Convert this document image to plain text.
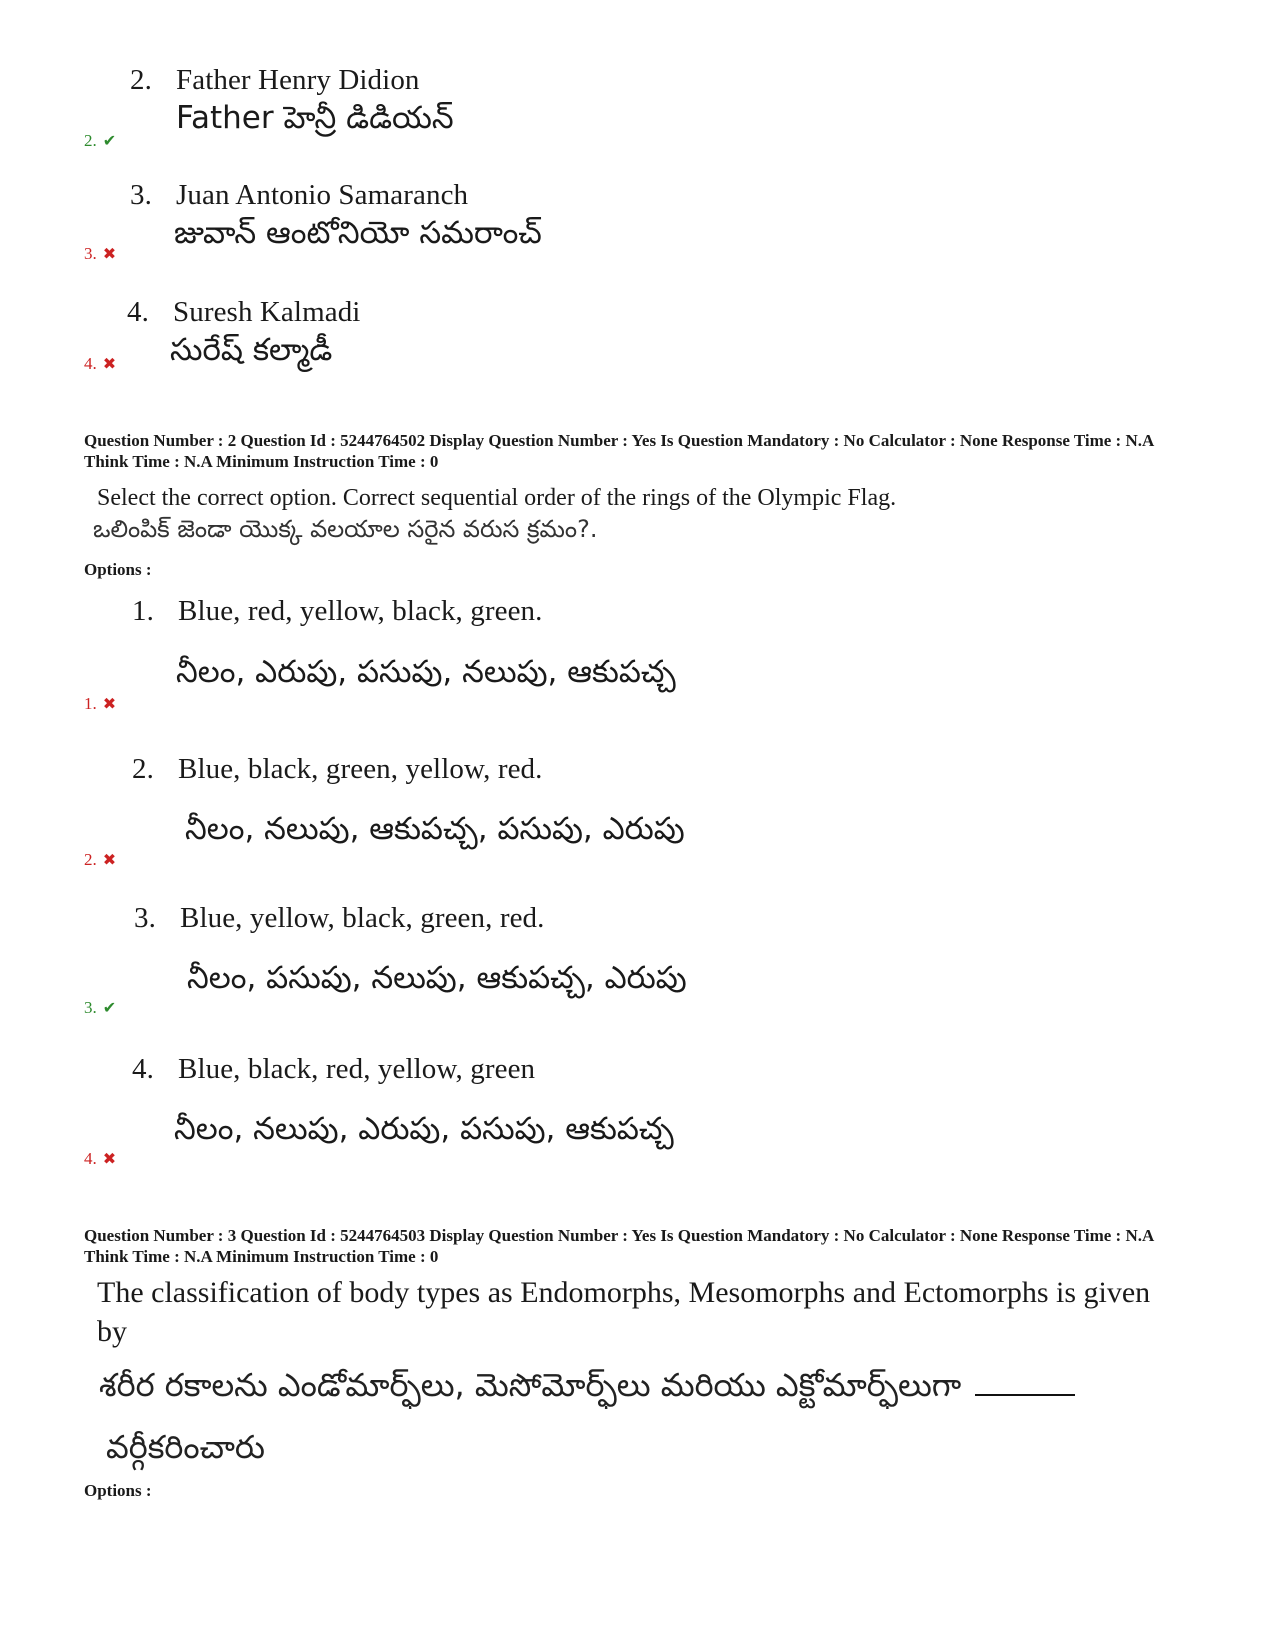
2. Father Henry Didion
Father హెన్రీ డిడియన్
2. ✔
3. Juan Antonio Samaranch
జువాన్ ఆంటోనియో సమరాంచ్
3. ✖
4. Suresh Kalmadi
సురేష్ కల్మాడీ
4. ✖
Question Number : 2 Question Id : 5244764502 Display Question Number : Yes Is Question Mandatory : No Calculator : None Response Time : N.A Think Time : N.A Minimum Instruction Time : 0
Select the correct option. Correct sequential order of the rings of the Olympic Flag.
ఒలింపిక్ జెండా యొక్క వలయాల సరైన వరుస క్రమం?.
Options :
1. Blue, red, yellow, black, green.
నీలం, ఎరుపు, పసుపు, నలుపు, ఆకుపచ్చ
1. ✖
2. Blue, black, green, yellow, red.
నీలం, నలుపు, ఆకుపచ్చ, పసుపు, ఎరుపు
2. ✖
3. Blue, yellow, black, green, red.
నీలం, పసుపు, నలుపు, ఆకుపచ్చ, ఎరుపు
3. ✔
4. Blue, black, red, yellow, green
నీలం, నలుపు, ఎరుపు, పసుపు, ఆకుపచ్చ
4. ✖
Question Number : 3 Question Id : 5244764503 Display Question Number : Yes Is Question Mandatory : No Calculator : None Response Time : N.A Think Time : N.A Minimum Instruction Time : 0
The classification of body types as Endomorphs, Mesomorphs and Ectomorphs is given by
శరీర రకాలను ఎండోమార్ఫ్‌లు, మెసోమోర్ఫ్‌లు మరియు ఎక్టోమార్ఫ్‌లుగా
వర్గీకరించారు
Options :
